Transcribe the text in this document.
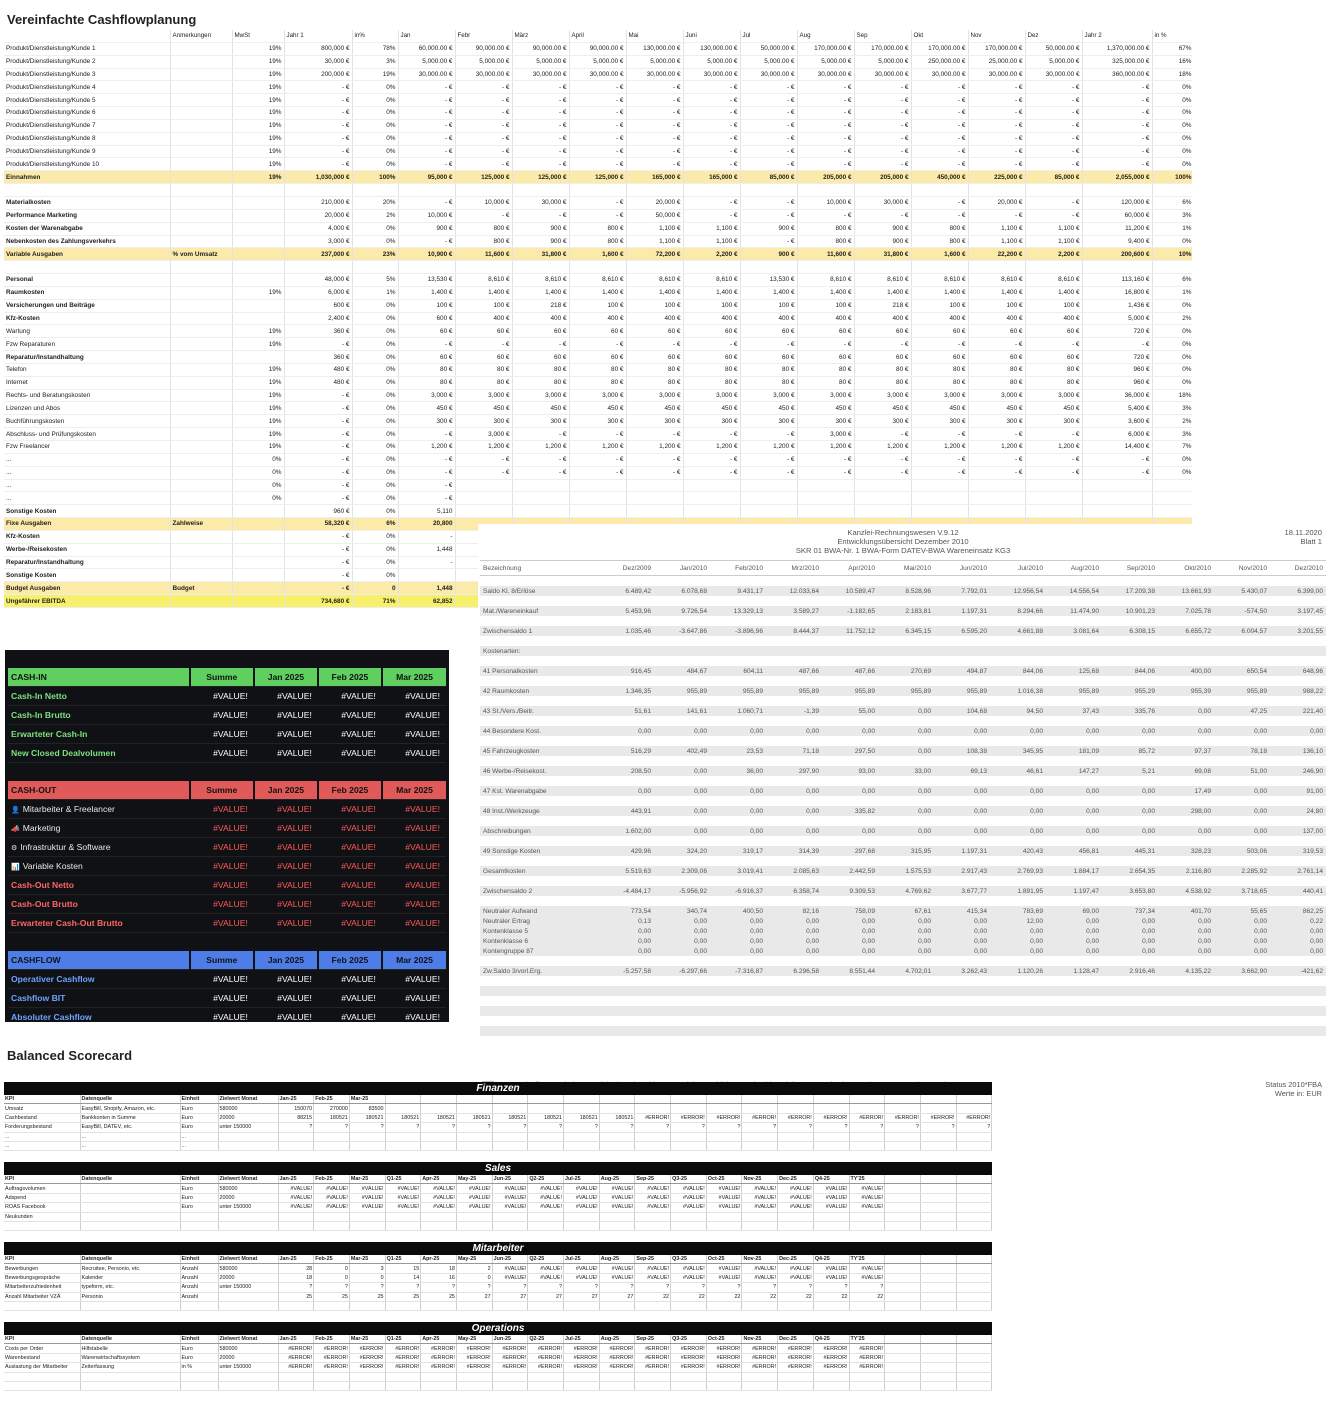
Vereinfachte Cashflowplanung
	Anmerkungen	MwSt	Jahr 1	in%	Jan	Febr	März	April	Mai	Juni	Jul	Aug	Sep	Okt	Nov	Dez	Jahr 2	in %
Produkt/Dienstleistung/Kunde 1		19%	800,000 €	78%	60,000.00 €	90,000.00 €	90,000.00 €	90,000.00 €	130,000.00 €	130,000.00 €	50,000.00 €	170,000.00 €	170,000.00 €	170,000.00 €	170,000.00 €	50,000.00 €	1,370,000.00 €	67%
Produkt/Dienstleistung/Kunde 2		19%	30,000 €	3%	5,000.00 €	5,000.00 €	5,000.00 €	5,000.00 €	5,000.00 €	5,000.00 €	5,000.00 €	5,000.00 €	5,000.00 €	250,000.00 €	25,000.00 €	5,000.00 €	325,000.00 €	16%
Produkt/Dienstleistung/Kunde 3		19%	200,000 €	19%	30,000.00 €	30,000.00 €	30,000.00 €	30,000.00 €	30,000.00 €	30,000.00 €	30,000.00 €	30,000.00 €	30,000.00 €	30,000.00 €	30,000.00 €	30,000.00 €	360,000.00 €	18%
Produkt/Dienstleistung/Kunde 4		19%	- €	0%	- €	- €	- €	- €	- €	- €	- €	- €	- €	- €	- €	- €	- €	0%
Produkt/Dienstleistung/Kunde 5		19%	- €	0%	- €	- €	- €	- €	- €	- €	- €	- €	- €	- €	- €	- €	- €	0%
Produkt/Dienstleistung/Kunde 6		19%	- €	0%	- €	- €	- €	- €	- €	- €	- €	- €	- €	- €	- €	- €	- €	0%
Produkt/Dienstleistung/Kunde 7		19%	- €	0%	- €	- €	- €	- €	- €	- €	- €	- €	- €	- €	- €	- €	- €	0%
Produkt/Dienstleistung/Kunde 8		19%	- €	0%	- €	- €	- €	- €	- €	- €	- €	- €	- €	- €	- €	- €	- €	0%
Produkt/Dienstleistung/Kunde 9		19%	- €	0%	- €	- €	- €	- €	- €	- €	- €	- €	- €	- €	- €	- €	- €	0%
Produkt/Dienstleistung/Kunde 10		19%	- €	0%	- €	- €	- €	- €	- €	- €	- €	- €	- €	- €	- €	- €	- €	0%
Einnahmen		19%	1,030,000 €	100%	95,000 €	125,000 €	125,000 €	125,000 €	165,000 €	165,000 €	85,000 €	205,000 €	205,000 €	450,000 €	225,000 €	85,000 €	2,055,000 €	100%

Materialkosten			210,000 €	20%	- €	10,000 €	30,000 €	- €	20,000 €	- €	- €	10,000 €	30,000 €	- €	20,000 €	- €	120,000 €	6%
Performance Marketing			20,000 €	2%	10,000 €	- €	- €	- €	50,000 €	- €	- €	- €	- €	- €	- €	- €	60,000 €	3%
Kosten der Warenabgabe			4,000 €	0%	900 €	800 €	900 €	800 €	1,100 €	1,100 €	900 €	800 €	900 €	800 €	1,100 €	1,100 €	11,200 €	1%
Nebenkosten des Zahlungsverkehrs			3,000 €	0%	- €	800 €	900 €	800 €	1,100 €	1,100 €	- €	800 €	900 €	800 €	1,100 €	1,100 €	9,400 €	0%
Variable Ausgaben	% vom Umsatz		237,000 €	23%	10,900 €	11,600 €	31,800 €	1,600 €	72,200 €	2,200 €	900 €	11,600 €	31,800 €	1,600 €	22,200 €	2,200 €	200,600 €	10%

Personal			48,000 €	5%	13,530 €	8,610 €	8,610 €	8,610 €	8,610 €	8,610 €	13,530 €	8,610 €	8,610 €	8,610 €	8,610 €	8,610 €	113,160 €	6%
Raumkosten		19%	6,000 €	1%	1,400 €	1,400 €	1,400 €	1,400 €	1,400 €	1,400 €	1,400 €	1,400 €	1,400 €	1,400 €	1,400 €	1,400 €	16,800 €	1%
Versicherungen und Beiträge			600 €	0%	100 €	100 €	218 €	100 €	100 €	100 €	100 €	100 €	218 €	100 €	100 €	100 €	1,436 €	0%
Kfz-Kosten			2,400 €	0%	600 €	400 €	400 €	400 €	400 €	400 €	400 €	400 €	400 €	400 €	400 €	400 €	5,000 €	2%
Wartung		19%	360 €	0%	60 €	60 €	60 €	60 €	60 €	60 €	60 €	60 €	60 €	60 €	60 €	60 €	720 €	0%
Fzw Reparaturen		19%	- €	0%	- €	- €	- €	- €	- €	- €	- €	- €	- €	- €	- €	- €	- €	0%
Reparatur/Instandhaltung			360 €	0%	60 €	60 €	60 €	60 €	60 €	60 €	60 €	60 €	60 €	60 €	60 €	60 €	720 €	0%
Telefon		19%	480 €	0%	80 €	80 €	80 €	80 €	80 €	80 €	80 €	80 €	80 €	80 €	80 €	80 €	960 €	0%
Internet		19%	480 €	0%	80 €	80 €	80 €	80 €	80 €	80 €	80 €	80 €	80 €	80 €	80 €	80 €	960 €	0%
Rechts- und Beratungskosten		19%	- €	0%	3,000 €	3,000 €	3,000 €	3,000 €	3,000 €	3,000 €	3,000 €	3,000 €	3,000 €	3,000 €	3,000 €	3,000 €	36,000 €	18%
Lizenzen und Abos		19%	- €	0%	450 €	450 €	450 €	450 €	450 €	450 €	450 €	450 €	450 €	450 €	450 €	450 €	5,400 €	3%
Buchführungskosten		19%	- €	0%	300 €	300 €	300 €	300 €	300 €	300 €	300 €	300 €	300 €	300 €	300 €	300 €	3,600 €	2%
Abschluss- und Prüfungskosten		19%	- €	0%	- €	3,000 €	- €	- €	- €	- €	- €	3,000 €	- €	- €	- €	- €	6,000 €	3%
Fzw Freelancer		19%	- €	0%	1,200 €	1,200 €	1,200 €	1,200 €	1,200 €	1,200 €	1,200 €	1,200 €	1,200 €	1,200 €	1,200 €	1,200 €	14,400 €	7%
...		0%	- €	0%	- €	- €	- €	- €	- €	- €	- €	- €	- €	- €	- €	- €	- €	0%
...		0%	- €	0%	- €	- €	- €	- €	- €	- €	- €	- €	- €	- €	- €	- €	- €	0%
...		0%	- €	0%	- €													
...		0%	- €	0%	- €													
Sonstige Kosten			960 €	0%	5,110													
Fixe Ausgaben	Zahlweise		58,320 €	6%	20,800													
Kfz-Kosten			- €	0%	-													
Werbe-/Reisekosten			- €	0%	1,448													
Reparatur/Instandhaltung			- €	0%	-													
Sonstige Kosten			- €	0%														
Budget Ausgaben	Budget		- €	0	1,448													
Ungefährer EBITDA			734,680 €	71%	62,852													

CASH-IN	Summe	Jan 2025	Feb 2025	Mar 2025
Cash-In Netto	#VALUE!	#VALUE!	#VALUE!	#VALUE!
Cash-In Brutto	#VALUE!	#VALUE!	#VALUE!	#VALUE!
Erwarteter Cash-In	#VALUE!	#VALUE!	#VALUE!	#VALUE!
New Closed Dealvolumen	#VALUE!	#VALUE!	#VALUE!	#VALUE!

CASH-OUT	Summe	Jan 2025	Feb 2025	Mar 2025
👤 Mitarbeiter & Freelancer	#VALUE!	#VALUE!	#VALUE!	#VALUE!
📣 Marketing	#VALUE!	#VALUE!	#VALUE!	#VALUE!
⚙ Infrastruktur & Software	#VALUE!	#VALUE!	#VALUE!	#VALUE!
📊 Variable Kosten	#VALUE!	#VALUE!	#VALUE!	#VALUE!
Cash-Out Netto	#VALUE!	#VALUE!	#VALUE!	#VALUE!
Cash-Out Brutto	#VALUE!	#VALUE!	#VALUE!	#VALUE!
Erwarteter Cash-Out Brutto	#VALUE!	#VALUE!	#VALUE!	#VALUE!

CASHFLOW	Summe	Jan 2025	Feb 2025	Mar 2025
Operativer Cashflow	#VALUE!	#VALUE!	#VALUE!	#VALUE!
Cashflow BIT	#VALUE!	#VALUE!	#VALUE!	#VALUE!
Absoluter Cashflow	#VALUE!	#VALUE!	#VALUE!	#VALUE!

Kanzlei-Rechnungswesen V.9.12
Entwicklungsübersicht Dezember 2010
SKR 01 BWA-Nr. 1 BWA-Form DATEV-BWA Wareneinsatz KG3
18.11.2020
Blatt 1
Bezeichnung	Dez/2009	Jan/2010	Feb/2010	Mrz/2010	Apr/2010	Mai/2010	Jun/2010	Jul/2010	Aug/2010	Sep/2010	Okt/2010	Nov/2010	Dez/2010

Saldo Kl. 8/Erlöse	6.489,42	6.078,68	9.431,17	12.033,64	10.589,47	8.528,96	7.792,01	12.956,54	14.556,54	17.209,38	13.661,93	5.430,07	6.399,00

Mat./Wareneinkauf	5.453,96	9.726,54	13.329,13	3.589,27	-1.182,65	2.183,81	1.197,31	8.294,66	11.474,90	10.901,23	7.025,78	-574,50	3.197,45

Zwischensaldo 1	1.035,46	-3.647,86	-3.896,96	8.444,37	11.752,12	6.345,15	6.595,20	4.661,88	3.081,64	6.308,15	6.655,72	6.004,57	3.201,55

Kostenarten:													

41 Personalkosten	916,45	484,67	604,11	487,66	487,66	270,69	494,87	844,06	125,68	844,06	400,00	650,54	648,96

42 Raumkosten	1.346,35	955,89	955,89	955,89	955,89	955,89	955,89	1.016,38	955,89	955,29	955,39	955,89	988,22

43 St./Vers./Beitr.	51,61	141,61	1.060,71	-1,39	55,00	0,00	104,68	94,50	37,43	335,76	0,00	47,25	221,40

44 Besondere Kost.	0,00	0,00	0,00	0,00	0,00	0,00	0,00	0,00	0,00	0,00	0,00	0,00	0,00

45 Fahrzeugkosten	516,29	402,49	23,53	71,18	297,50	0,00	108,38	345,95	181,09	85,72	97,37	78,18	136,10

46 Werbe-/Reisekost.	208,50	0,00	36,00	297,90	93,00	33,00	69,13	46,61	147,27	5,21	69,08	51,00	246,90

47 Kst. Warenabgabe	0,00	0,00	0,00	0,00	0,00	0,00	0,00	0,00	0,00	0,00	17,49	0,00	91,00

48 Inst./Werkzeuge	443,91	0,00	0,00	0,00	335,82	0,00	0,00	0,00	0,00	0,00	298,00	0,00	24,80

Abschreibungen	1.602,00	0,00	0,00	0,00	0,00	0,00	0,00	0,00	0,00	0,00	0,00	0,00	137,00

49 Sonstige Kosten	429,96	324,20	319,17	314,39	297,68	315,95	1.197,31	420,43	456,81	445,31	328,23	503,06	319,53

Gesamtkosten	5.519,63	2.309,06	3.019,41	2.085,63	2.442,59	1.575,53	2.917,43	2.769,93	1.884,17	2.654,35	2.116,80	2.285,92	2.761,14

Zwischensaldo 2	-4.484,17	-5.956,92	-6.916,37	6.358,74	9.309,53	4.769,62	3.677,77	1.891,95	1.197,47	3.653,80	4.538,92	3.718,65	440,41

Neutraler Aufwand	773,54	340,74	400,50	82,16	758,09	67,61	415,34	783,69	69,00	737,34	401,70	55,65	862,25
Neutraler Ertrag	0,13	0,00	0,00	0,00	0,00	0,00	0,00	12,00	0,00	0,00	0,00	0,00	0,22
Kontenklasse 5	0,00	0,00	0,00	0,00	0,00	0,00	0,00	0,00	0,00	0,00	0,00	0,00	0,00
Kontenklasse 6	0,00	0,00	0,00	0,00	0,00	0,00	0,00	0,00	0,00	0,00	0,00	0,00	0,00
Kontengruppe 87	0,00	0,00	0,00	0,00	0,00	0,00	0,00	0,00	0,00	0,00	0,00	0,00	0,00

Zw.Saldo 3/vorl.Erg.	-5.257,58	-6.297,66	-7.316,87	6.296,58	8.551,44	4.702,01	3.262,43	1.120,26	1.128,47	2.916,46	4.135,22	3.662,90	-421,62

Status 2010*FBA
Werte in: EUR
Balanced Scorecard
Finanzen
KPI	Datenquelle	Einheit	Zielwert Monat	Jan-25	Feb-25	Mar-25																	
Umsatz	EasyBill, Shopify, Amazon, etc.	Euro	580000	150070	270000	83500																	
Cashbestand	Bankkonten in Summe	Euro	20000	88215	180521	180521	180521	180521	180521	180521	180521	180521	180521	#ERROR!	#ERROR!	#ERROR!	#ERROR!	#ERROR!	#ERROR!	#ERROR!	#ERROR!	#ERROR!	#ERROR!
Forderungsbestand	EasyBill, DATEV, etc.	Euro	unter 150000	?	?	?	?	?	?	?	?	?	?	?	?	?	?	?	?	?	?	?	?
...	...	...																					
...	...	...																					
Sales
KPI	Datenquelle	Einheit	Zielwert Monat	Jan-25	Feb-25	Mar-25	Q1-25	Apr-25	May-25	Jun-25	Q2-25	Jul-25	Aug-25	Sep-25	Q3-25	Oct-25	Nov-25	Dec-25	Q4-25	TY'25			
Auftragsvolumen		Euro	580000	#VALUE!	#VALUE!	#VALUE!	#VALUE!	#VALUE!	#VALUE!	#VALUE!	#VALUE!	#VALUE!	#VALUE!	#VALUE!	#VALUE!	#VALUE!	#VALUE!	#VALUE!	#VALUE!	#VALUE!			
Adspend		Euro	20000	#VALUE!	#VALUE!	#VALUE!	#VALUE!	#VALUE!	#VALUE!	#VALUE!	#VALUE!	#VALUE!	#VALUE!	#VALUE!	#VALUE!	#VALUE!	#VALUE!	#VALUE!	#VALUE!	#VALUE!			
ROAS Facebook		Euro	unter 150000	#VALUE!	#VALUE!	#VALUE!	#VALUE!	#VALUE!	#VALUE!	#VALUE!	#VALUE!	#VALUE!	#VALUE!	#VALUE!	#VALUE!	#VALUE!	#VALUE!	#VALUE!	#VALUE!	#VALUE!			
Neukunden																							

Mitarbeiter
KPI	Datenquelle	Einheit	Zielwert Monat	Jan-25	Feb-25	Mar-25	Q1-25	Apr-25	May-25	Jun-25	Q2-25	Jul-25	Aug-25	Sep-25	Q3-25	Oct-25	Nov-25	Dec-25	Q4-25	TY'25			
Bewerbungen	Recruitee, Personio, etc.	Anzahl	580000	28	0	3	15	18	2	#VALUE!	#VALUE!	#VALUE!	#VALUE!	#VALUE!	#VALUE!	#VALUE!	#VALUE!	#VALUE!	#VALUE!	#VALUE!			
Bewerbungsgespräche	Kalender	Anzahl	20000	18	0	0	14	16	0	#VALUE!	#VALUE!	#VALUE!	#VALUE!	#VALUE!	#VALUE!	#VALUE!	#VALUE!	#VALUE!	#VALUE!	#VALUE!			
Mitarbeiterzufriedenheit	typeform, etc.	Anzahl	unter 150000	?	?	?	?	?	?	?	?	?	?	?	?	?	?	?	?	?			
Anzahl Mitarbeiter VZÄ	Personio	Anzahl		25	25	25	25	25	27	27	27	27	27	22	22	22	22	22	22	22			

Operations
KPI	Datenquelle	Einheit	Zielwert Monat	Jan-25	Feb-25	Mar-25	Q1-25	Apr-25	May-25	Jun-25	Q2-25	Jul-25	Aug-25	Sep-25	Q3-25	Oct-25	Nov-25	Dec-25	Q4-25	TY'25			
Costs per Order	Hilfstabelle	Euro	580000	#ERROR!	#ERROR!	#ERROR!	#ERROR!	#ERROR!	#ERROR!	#ERROR!	#ERROR!	#ERROR!	#ERROR!	#ERROR!	#ERROR!	#ERROR!	#ERROR!	#ERROR!	#ERROR!	#ERROR!			
Warenbestand	Warenwirtschaftssystem	Euro	20000	#ERROR!	#ERROR!	#ERROR!	#ERROR!	#ERROR!	#ERROR!	#ERROR!	#ERROR!	#ERROR!	#ERROR!	#ERROR!	#ERROR!	#ERROR!	#ERROR!	#ERROR!	#ERROR!	#ERROR!			
Auslastung der Mitarbeiter	Zeiterfassung	in %	unter 150000	#ERROR!	#ERROR!	#ERROR!	#ERROR!	#ERROR!	#ERROR!	#ERROR!	#ERROR!	#ERROR!	#ERROR!	#ERROR!	#ERROR!	#ERROR!	#ERROR!	#ERROR!	#ERROR!	#ERROR!			
